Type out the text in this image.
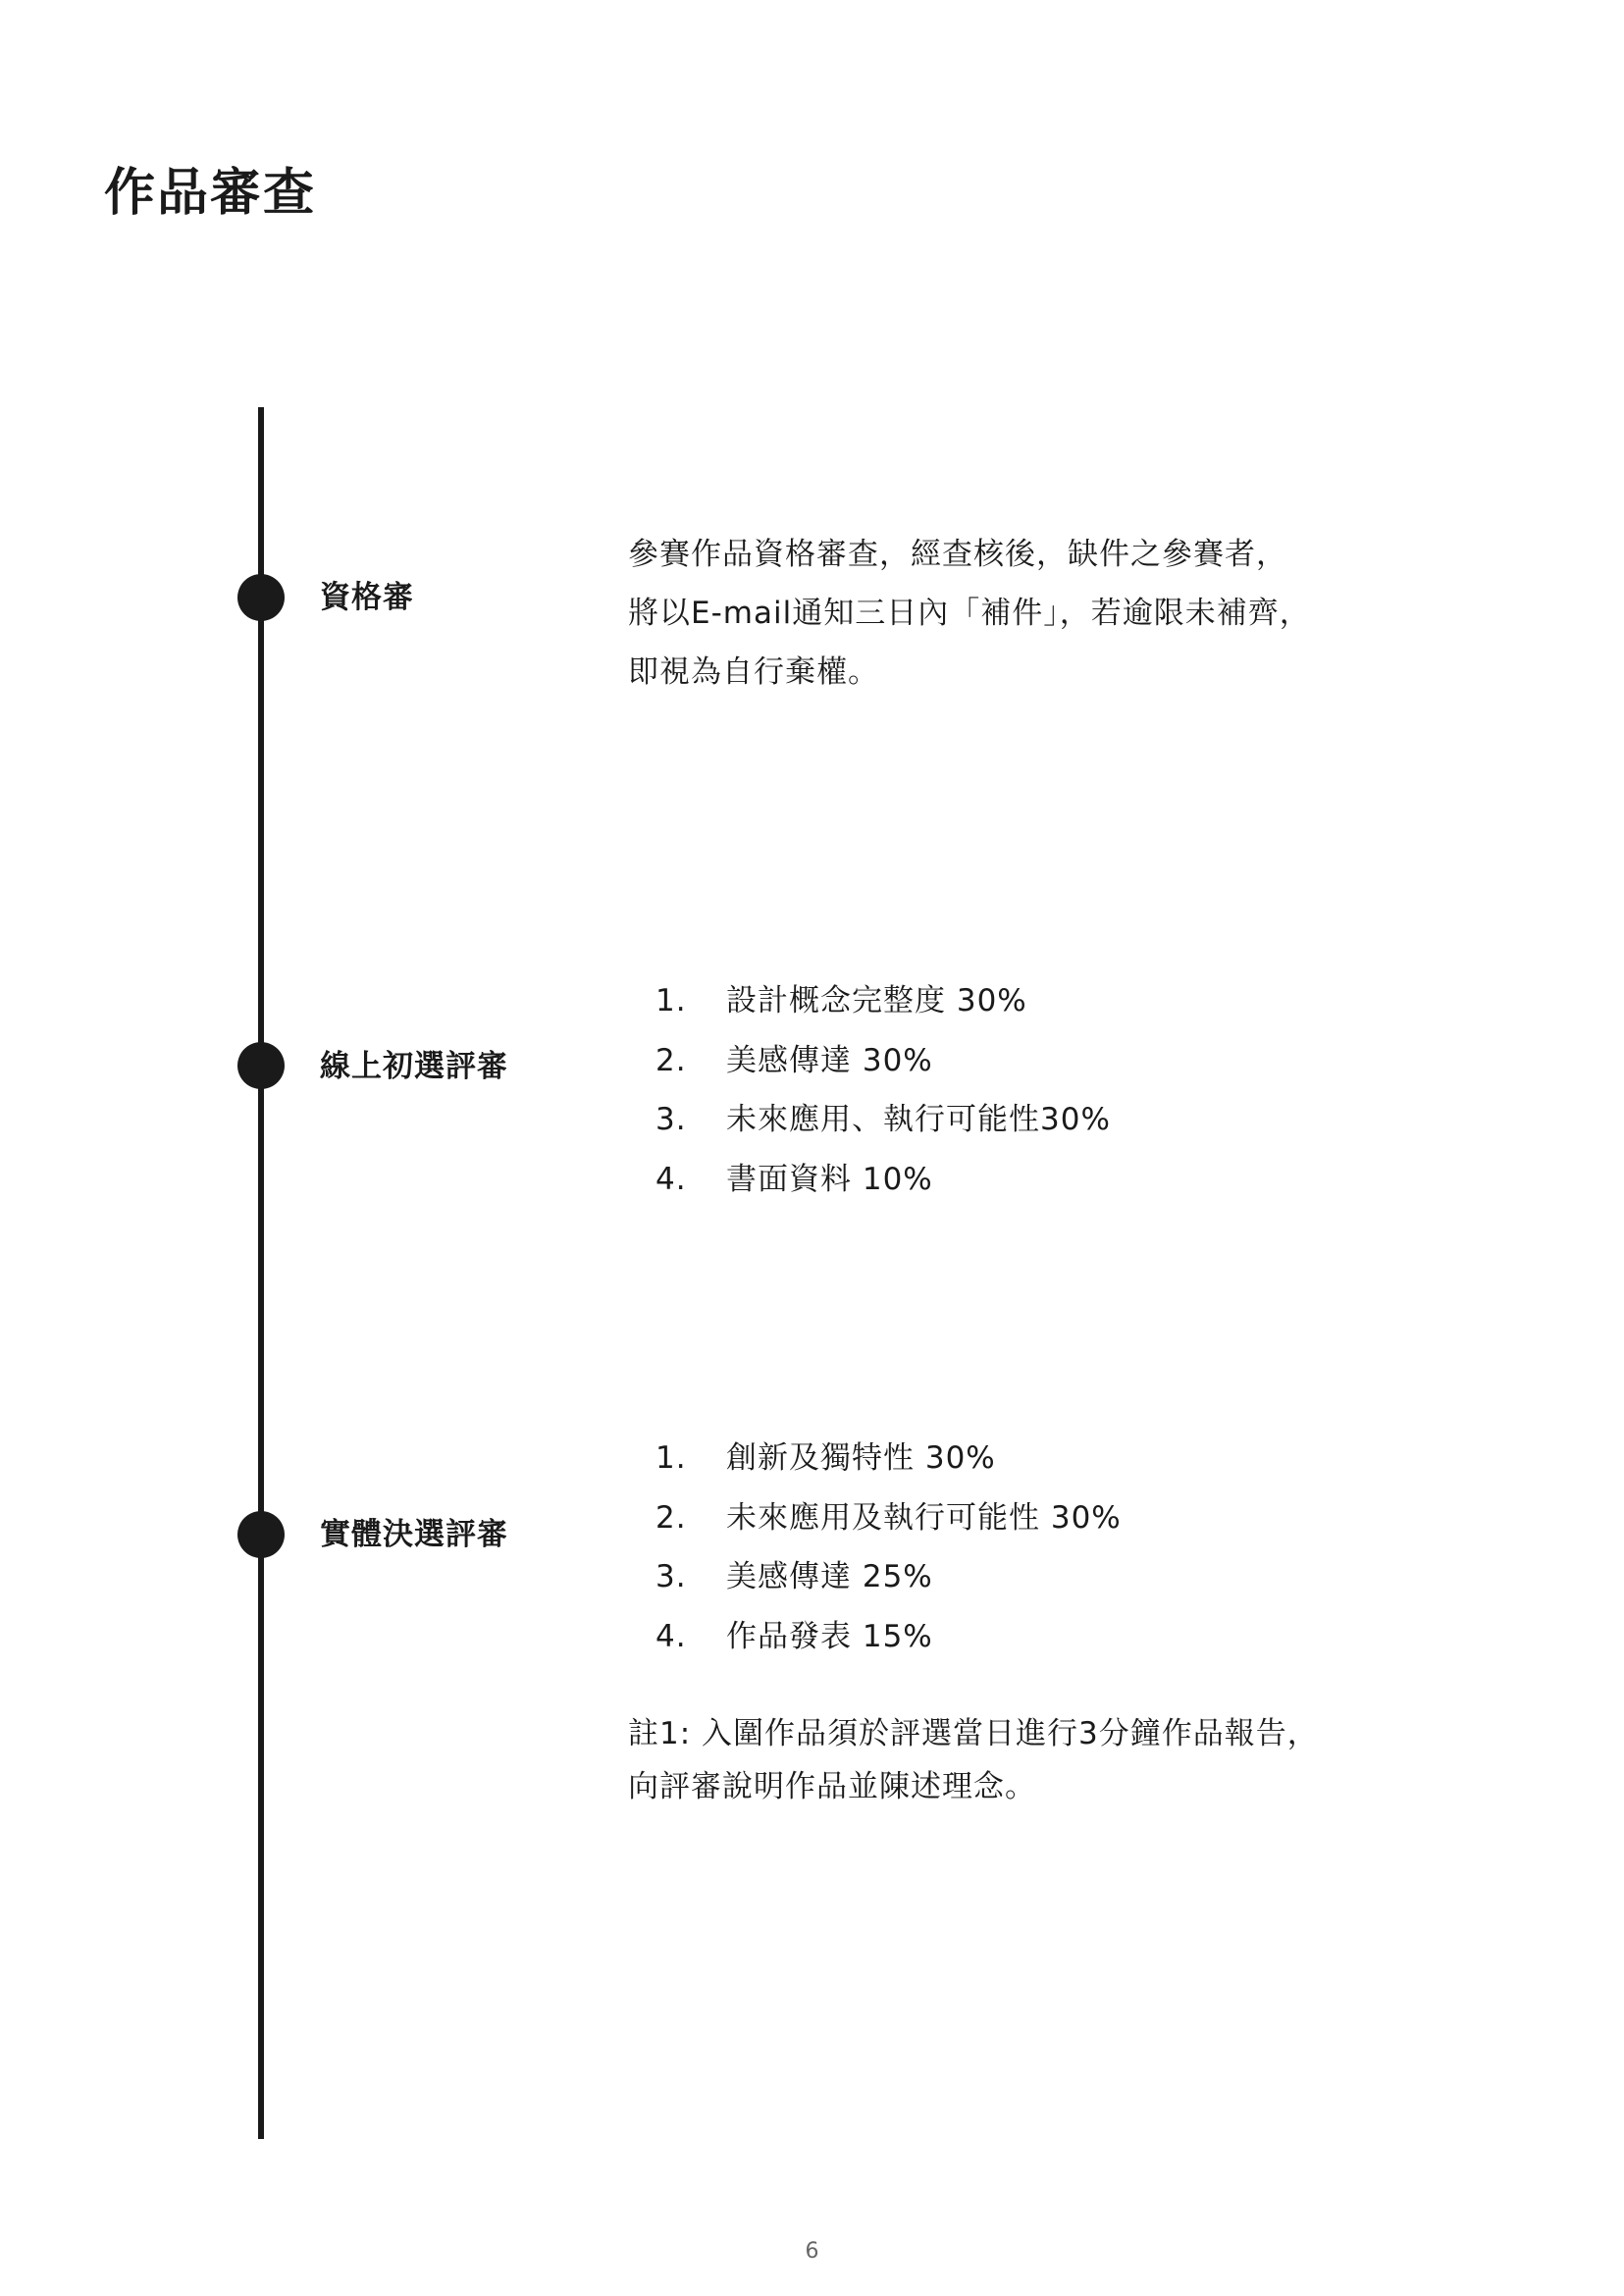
作品審查
資格審
參賽作品資格審查，經查核後，缺件之參賽者，
將以E-mail通知三日內「補件」，若逾限未補齊，
即視為自行棄權。
線上初選評審
1. 設計概念完整度 30%
2. 美感傳達 30%
3. 未來應用、執行可能性30%
4. 書面資料 10%
實體決選評審
1. 創新及獨特性 30%
2. 未來應用及執行可能性 30%
3. 美感傳達 25%
4. 作品發表 15%
註1: 入圍作品須於評選當日進行3分鐘作品報告，
向評審說明作品並陳述理念。
6
